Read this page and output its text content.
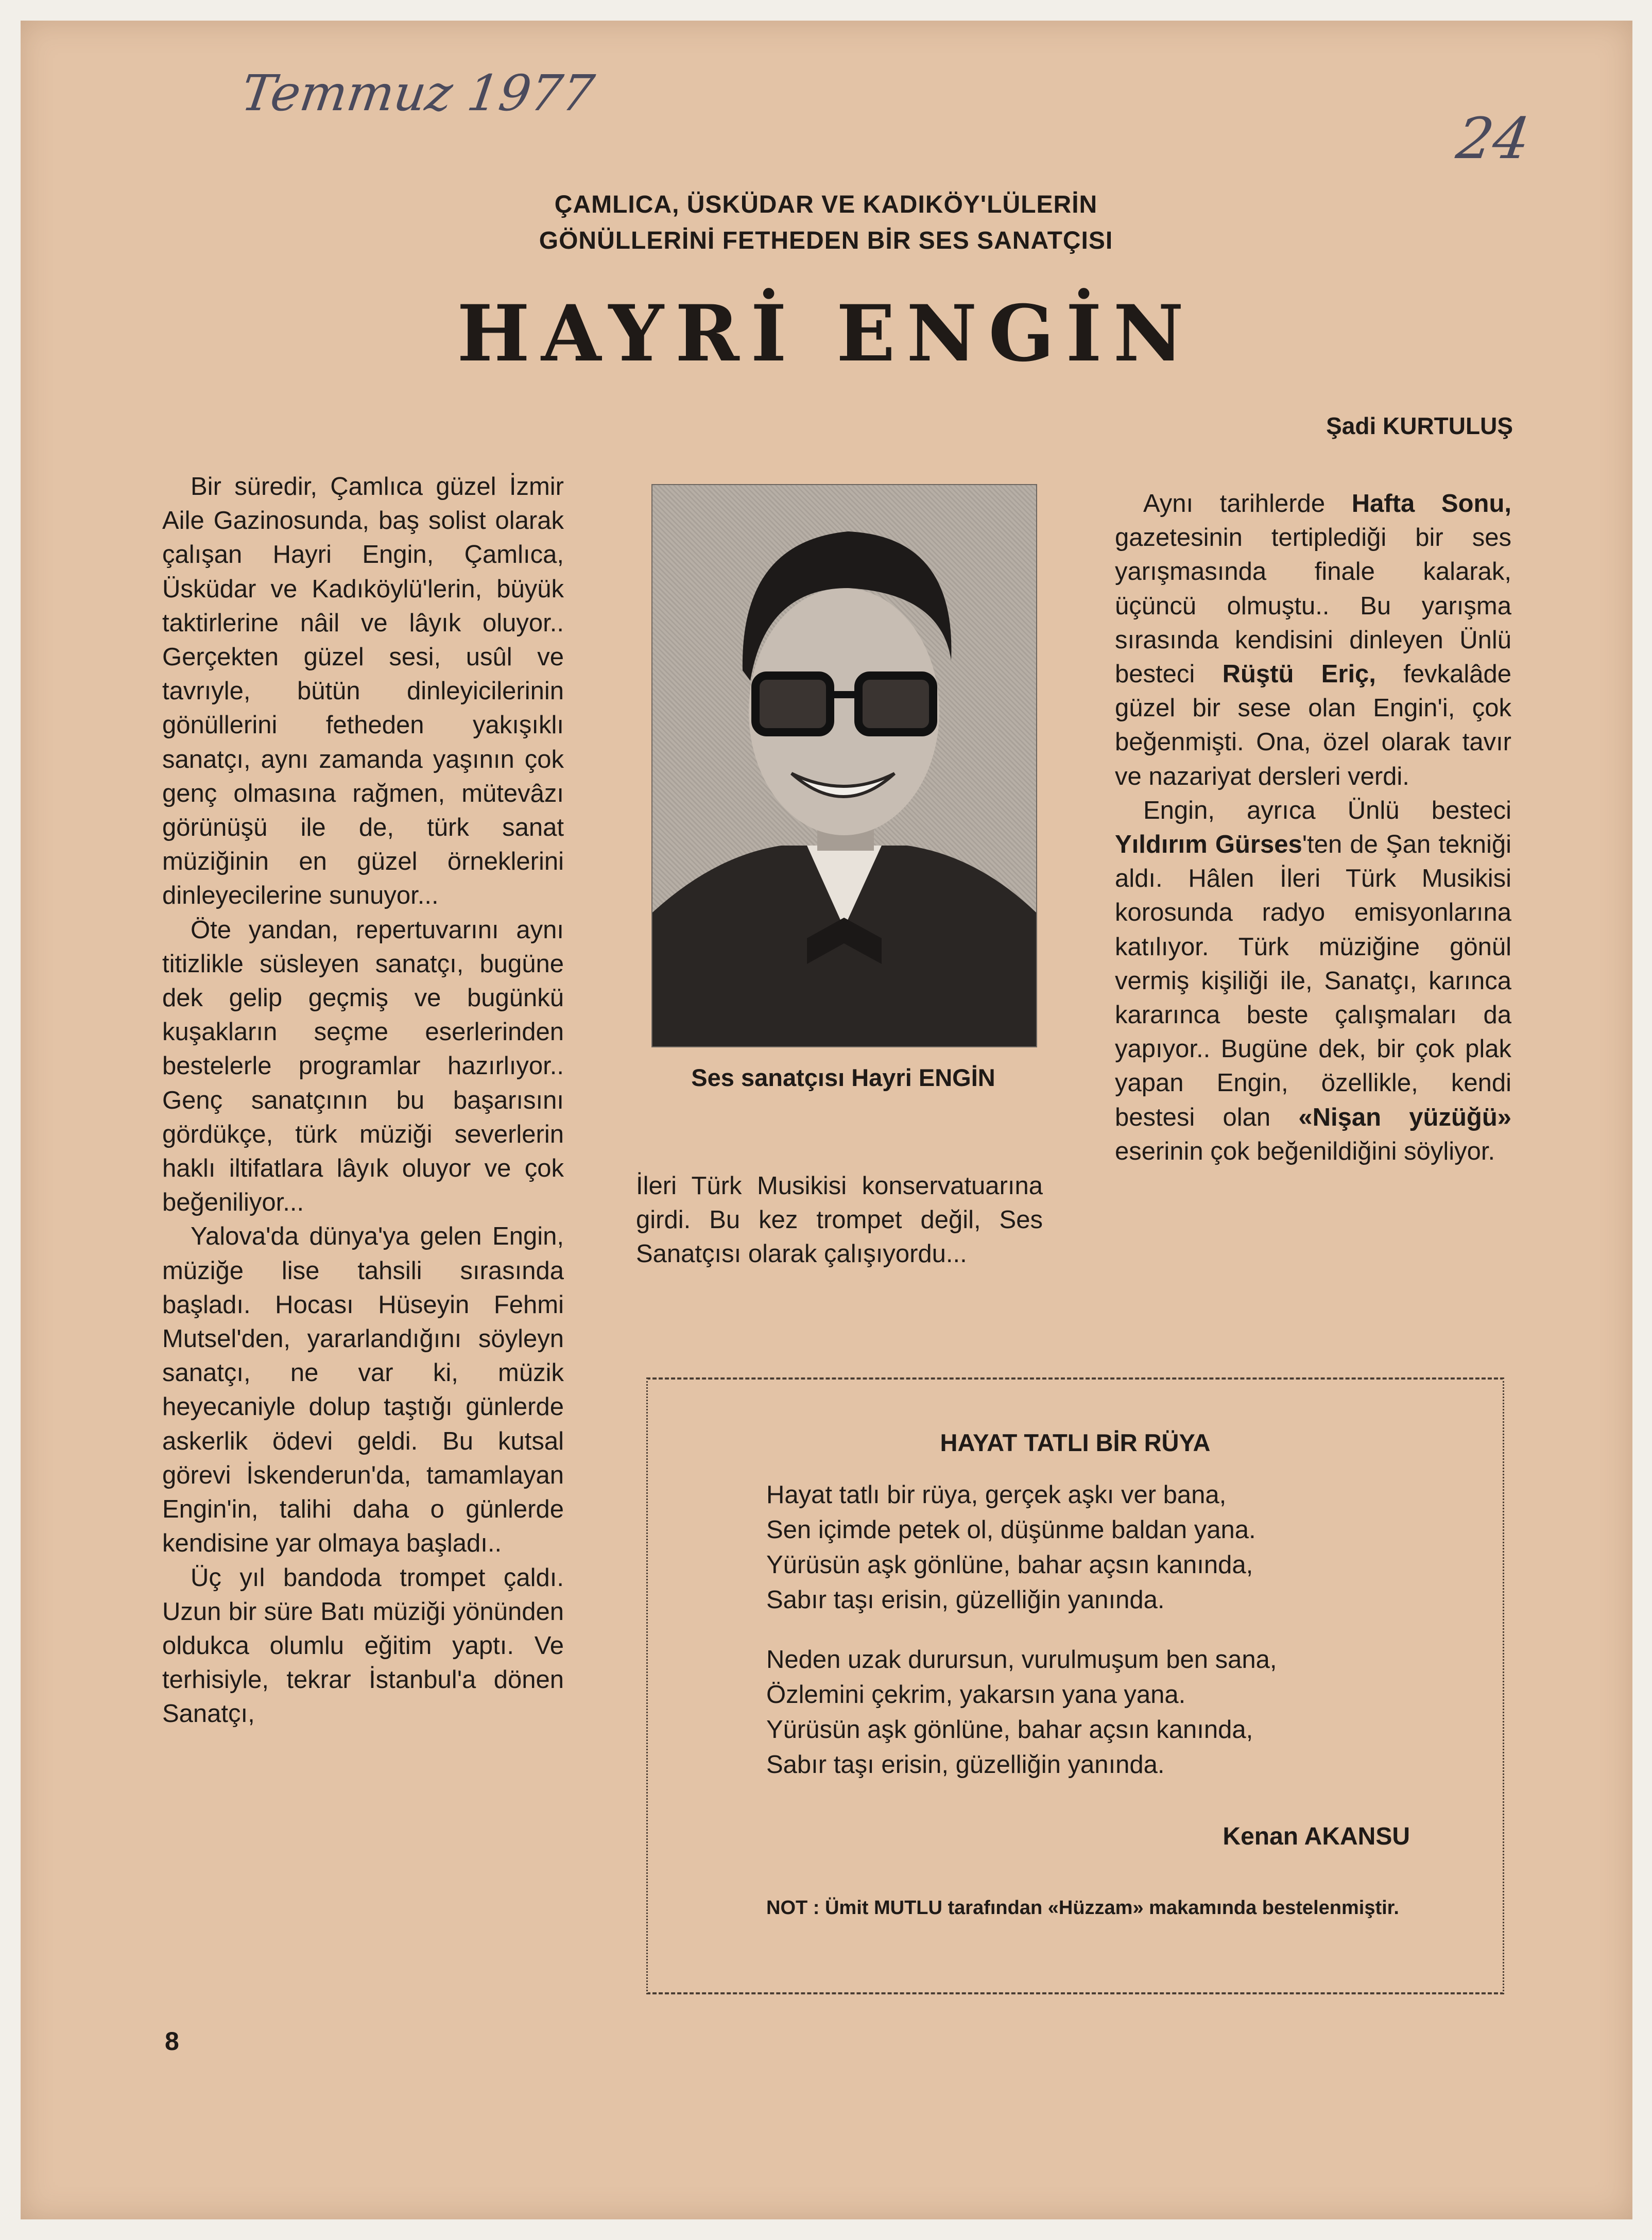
Temmuz 1977
24
ÇAMLICA, ÜSKÜDAR VE KADIKÖY'LÜLERİN
GÖNÜLLERİNİ FETHEDEN BİR SES SANATÇISI
HAYRİ ENGİN
Şadi KURTULUŞ

Bir süredir, Çamlıca güzel İzmir Aile Gazinosunda, baş solist olarak çalışan Hayri Engin, Çamlıca, Üsküdar ve Kadıköylü'lerin, büyük taktirlerine nâil ve lâyık oluyor.. Gerçekten güzel sesi, usûl ve tavrıyle, bütün dinleyicilerinin gönüllerini fetheden yakışıklı sanatçı, aynı zamanda yaşının çok genç olmasına rağmen, mütevâzı görünüşü ile de, türk sanat müziğinin en güzel örneklerini dinleyecilerine sunuyor...

Öte yandan, repertuvarını aynı titizlikle süsleyen sanatçı, bugüne dek gelip geçmiş ve bugünkü kuşakların seçme eserlerinden bestelerle programlar hazırlıyor.. Genç sanatçının bu başarısını gördükçe, türk müziği severlerin haklı iltifatlara lâyık oluyor ve çok beğeniliyor...

Yalova'da dünya'ya gelen Engin, müziğe lise tahsili sırasında başladı. Hocası Hüseyin Fehmi Mutsel'den, yararlandığını söyleyn sanatçı, ne var ki, müzik heyecaniyle dolup taştığı günlerde askerlik ödevi geldi. Bu kutsal görevi İskenderun'da, tamamlayan Engin'in, talihi daha o günlerde kendisine yar olmaya başladı..

Üç yıl bandoda trompet çaldı. Uzun bir süre Batı müziği yönünden oldukca olumlu eğitim yaptı. Ve terhisiyle, tekrar İstanbul'a dönen Sanatçı,

Ses sanatçısı Hayri ENGİN

İleri Türk Musikisi konservatuarına girdi. Bu kez trompet değil, Ses Sanatçısı olarak çalışıyordu...

Aynı tarihlerde Hafta Sonu, gazetesinin tertiplediği bir ses yarışmasında finale kalarak, üçüncü olmuştu.. Bu yarışma sırasında kendisini dinleyen Ünlü besteci Rüştü Eriç, fevkalâde güzel bir sese olan Engin'i, çok beğenmişti. Ona, özel olarak tavır ve nazariyat dersleri verdi.

Engin, ayrıca Ünlü besteci Yıldırım Gürses'ten de Şan tekniği aldı. Hâlen İleri Türk Musikisi korosunda radyo emisyonlarına katılıyor. Türk müziğine gönül vermiş kişiliği ile, Sanatçı, karınca kararınca beste çalışmaları da yapıyor.. Bugüne dek, bir çok plak yapan Engin, özellikle, kendi bestesi olan «Nişan yüzüğü» eserinin çok beğenildiğini söyliyor.

HAYAT TATLI BİR RÜYA
Hayat tatlı bir rüya, gerçek aşkı ver bana,
Sen içimde petek ol, düşünme baldan yana.
Yürüsün aşk gönlüne, bahar açsın kanında,
Sabır taşı erisin, güzelliğin yanında.
Neden uzak durursun, vurulmuşum ben sana,
Özlemini çekrim, yakarsın yana yana.
Yürüsün aşk gönlüne, bahar açsın kanında,
Sabır taşı erisin, güzelliğin yanında.
Kenan AKANSU
NOT : Ümit MUTLU tarafından «Hüzzam» makamında bestelenmiştir.
8
